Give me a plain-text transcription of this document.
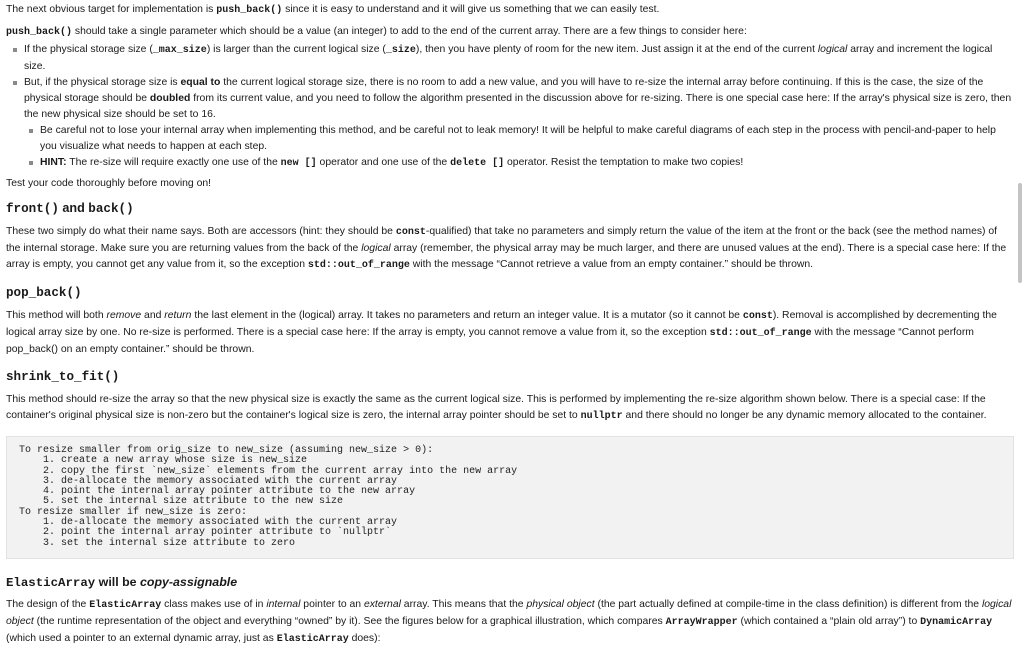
The next obvious target for implementation is push_back() since it is easy to understand and it will give us something that we can easily test.

push_back() should take a single parameter which should be a value (an integer) to add to the end of the current array. There are a few things to consider here:

If the physical storage size (_max_size) is larger than the current logical size (_size), then you have plenty of room for the new item. Just assign it at the end of the current logical array and increment the logical size.
But, if the physical storage size is equal to the current logical storage size, there is no room to add a new value, and you will have to re-size the internal array before continuing. If this is the case, the size of the physical storage should be doubled from its current value, and you need to follow the algorithm presented in the discussion above for re-sizing. There is one special case here: If the array's physical size is zero, then the new physical size should be set to 16.
Be careful not to lose your internal array when implementing this method, and be careful not to leak memory! It will be helpful to make careful diagrams of each step in the process with pencil-and-paper to help you visualize what needs to happen at each step.
HINT: The re-size will require exactly one use of the new [] operator and one use of the delete [] operator. Resist the temptation to make two copies!

Test your code thoroughly before moving on!

front() and back()

These two simply do what their name says. Both are accessors (hint: they should be const-qualified) that take no parameters and simply return the value of the item at the front or the back (see the method names) of the internal storage. Make sure you are returning values from the back of the logical array (remember, the physical array may be much larger, and there are unused values at the end). There is a special case here: If the array is empty, you cannot get any value from it, so the exception std::out_of_range with the message “Cannot retrieve a value from an empty container.” should be thrown.

pop_back()

This method will both remove and return the last element in the (logical) array. It takes no parameters and return an integer value. It is a mutator (so it cannot be const). Removal is accomplished by decrementing the logical array size by one. No re-size is performed. There is a special case here: If the array is empty, you cannot remove a value from it, so the exception std::out_of_range with the message “Cannot perform pop_back() on an empty container.” should be thrown.

shrink_to_fit()

This method should re-size the array so that the new physical size is exactly the same as the current logical size. This is performed by implementing the re-size algorithm shown below. There is a special case: If the container's original physical size is non-zero but the container's logical size is zero, the internal array pointer should be set to nullptr and there should no longer be any dynamic memory allocated to the container.

To resize smaller from orig_size to new_size (assuming new_size > 0):
1. create a new array whose size is new_size
2. copy the first `new_size` elements from the current array into the new array
3. de-allocate the memory associated with the current array
4. point the internal array pointer attribute to the new array
5. set the internal size attribute to the new size
To resize smaller if new_size is zero:
1. de-allocate the memory associated with the current array
2. point the internal array pointer attribute to `nullptr`
3. set the internal size attribute to zero
ElasticArray will be copy-assignable

The design of the ElasticArray class makes use of in internal pointer to an external array. This means that the physical object (the part actually defined at compile-time in the class definition) is different from the logical object (the runtime representation of the object and everything “owned” by it). See the figures below for a graphical illustration, which compares ArrayWrapper (which contained a “plain old array”) to DynamicArray (which used a pointer to an external dynamic array, just as ElasticArray does):
